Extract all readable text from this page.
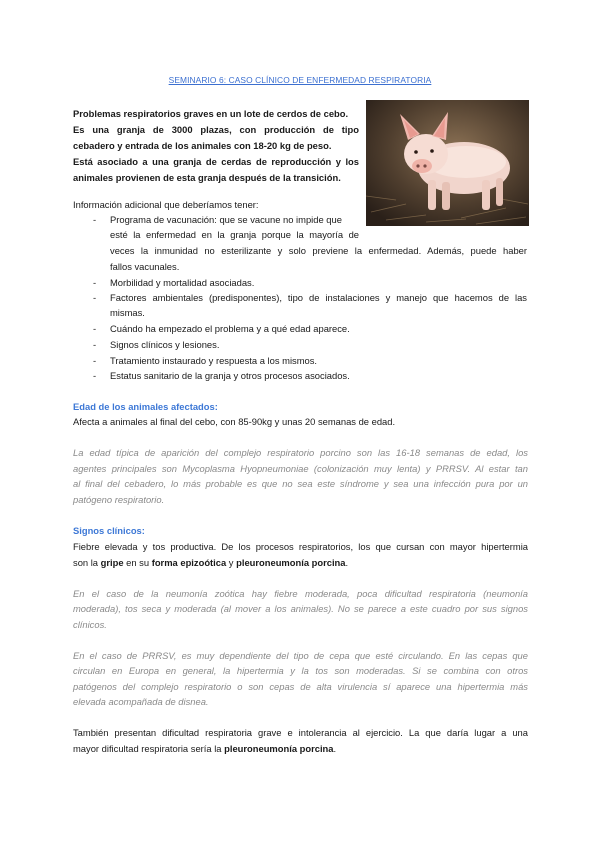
SEMINARIO 6: CASO CLÍNICO DE ENFERMEDAD RESPIRATORIA
Problemas respiratorios graves en un lote de cerdos de cebo.
Es una granja de 3000 plazas, con producción de tipo
cebadero y entrada de los animales con 18-20 kg de peso.
Está asociado a una granja de cerdas de reproducción y los
animales provienen de esta granja después de la transición.
Información adicional que deberíamos tener:
- Programa de vacunación: que se vacune no impide que
esté la enfermedad en la granja porque la mayoría de
veces la inmunidad no esterilizante y solo previene la enfermedad. Además, puede haber
fallos vacunales.
- Morbilidad y mortalidad asociadas.
- Factores ambientales (predisponentes), tipo de instalaciones y manejo que hacemos de las
mismas.
- Cuándo ha empezado el problema y a qué edad aparece.
- Signos clínicos y lesiones.
- Tratamiento instaurado y respuesta a los mismos.
- Estatus sanitario de la granja y otros procesos asociados.
Edad de los animales afectados:
Afecta a animales al final del cebo, con 85-90kg y unas 20 semanas de edad.
La edad típica de aparición del complejo respiratorio porcino son las 16-18 semanas de edad, los
agentes principales son Mycoplasma Hyopneumoniae (colonización muy lenta) y PRRSV. Al estar tan
al final del cebadero, lo más probable es que no sea este síndrome y sea una infección pura por un
patógeno respiratorio.
Signos clínicos:
Fiebre elevada y tos productiva. De los procesos respiratorios, los que cursan con mayor hipertermia
son la gripe en su forma epizoótica y pleuroneumonía porcina.
En el caso de la neumonía zoótica hay fiebre moderada, poca dificultad respiratoria (neumonía
moderada), tos seca y moderada (al mover a los animales). No se parece a este cuadro por sus signos
clínicos.
En el caso de PRRSV, es muy dependiente del tipo de cepa que esté circulando. En las cepas que
circulan en Europa en general, la hipertermia y la tos son moderadas. Si se combina con otros
patógenos del complejo respiratorio o son cepas de alta virulencia sí aparece una hipertermia más
elevada acompañada de disnea.
También presentan dificultad respiratoria grave e intolerancia al ejercicio. La que daría lugar a una
mayor dificultad respiratoria sería la pleuroneumonía porcina.
